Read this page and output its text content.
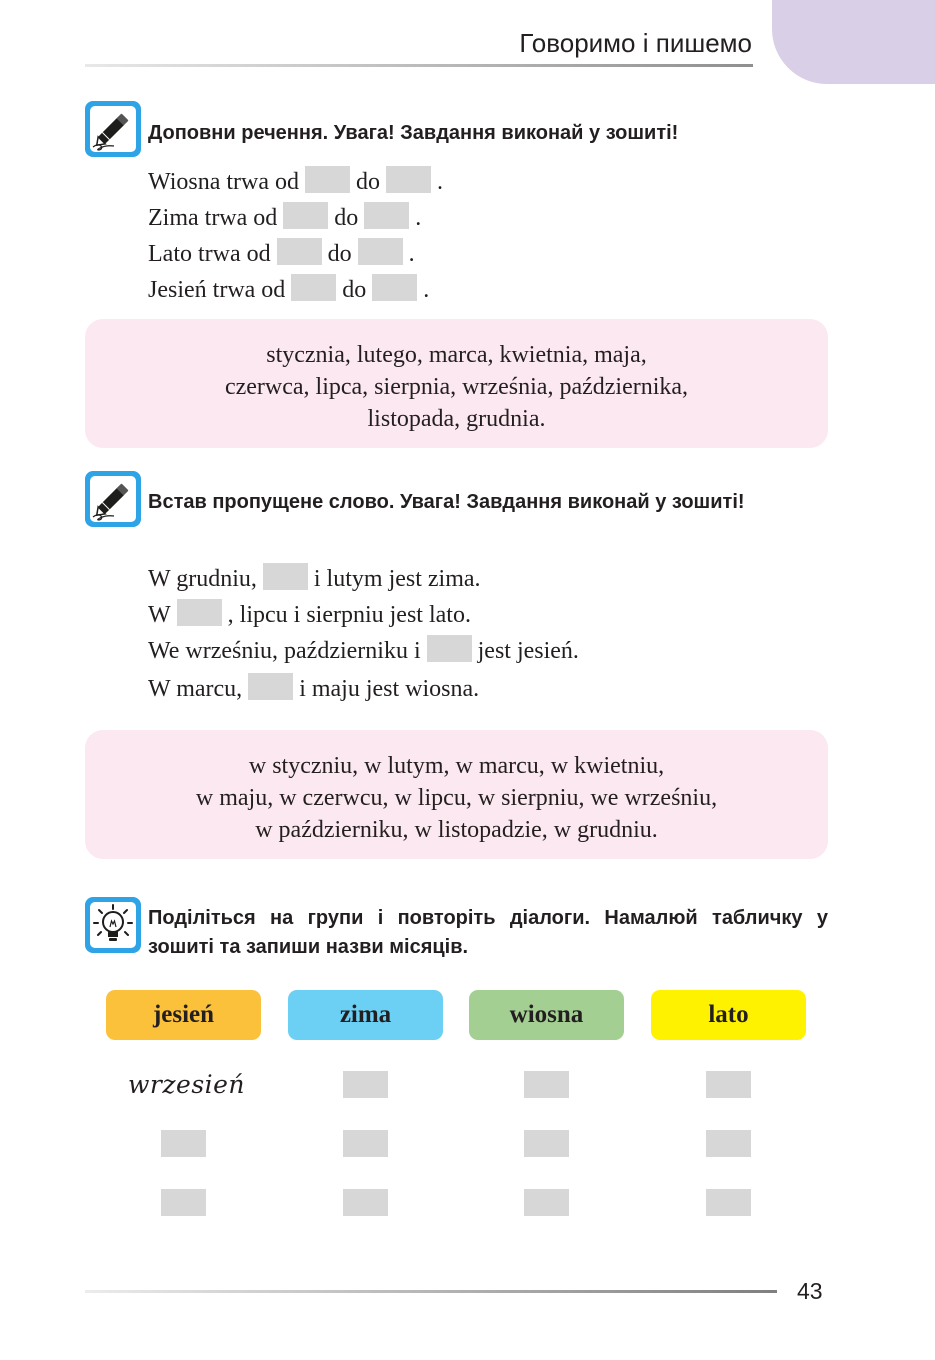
Говоримо і пишемо
Доповни речення. Увага! Завдання виконай у зошиті!
Wiosna trwa od do .
Zima trwa od do .
Lato trwa od do .
Jesień trwa od do .
stycznia, lutego, marca, kwietnia, maja,
czerwca, lipca, sierpnia, września, października,
listopada, grudnia.
Встав пропущене слово. Увага! Завдання виконай у зошиті!
W grudniu, i lutym jest zima.
W , lipcu i sierpniu jest lato.
We wrześniu, październiku i jest jesień.
W marcu, i maju jest wiosna.
w styczniu, w lutym, w marcu, w kwietniu,
w maju, w czerwcu, w lipcu, w sierpniu, we wrześniu,
w październiku, w listopadzie, w grudniu.
Поділіться на групи і повторіть діалоги. Намалюй табличку у зошиті та запиши назви місяців.
jesień	zima	wiosna	lato
wrzesień
43
